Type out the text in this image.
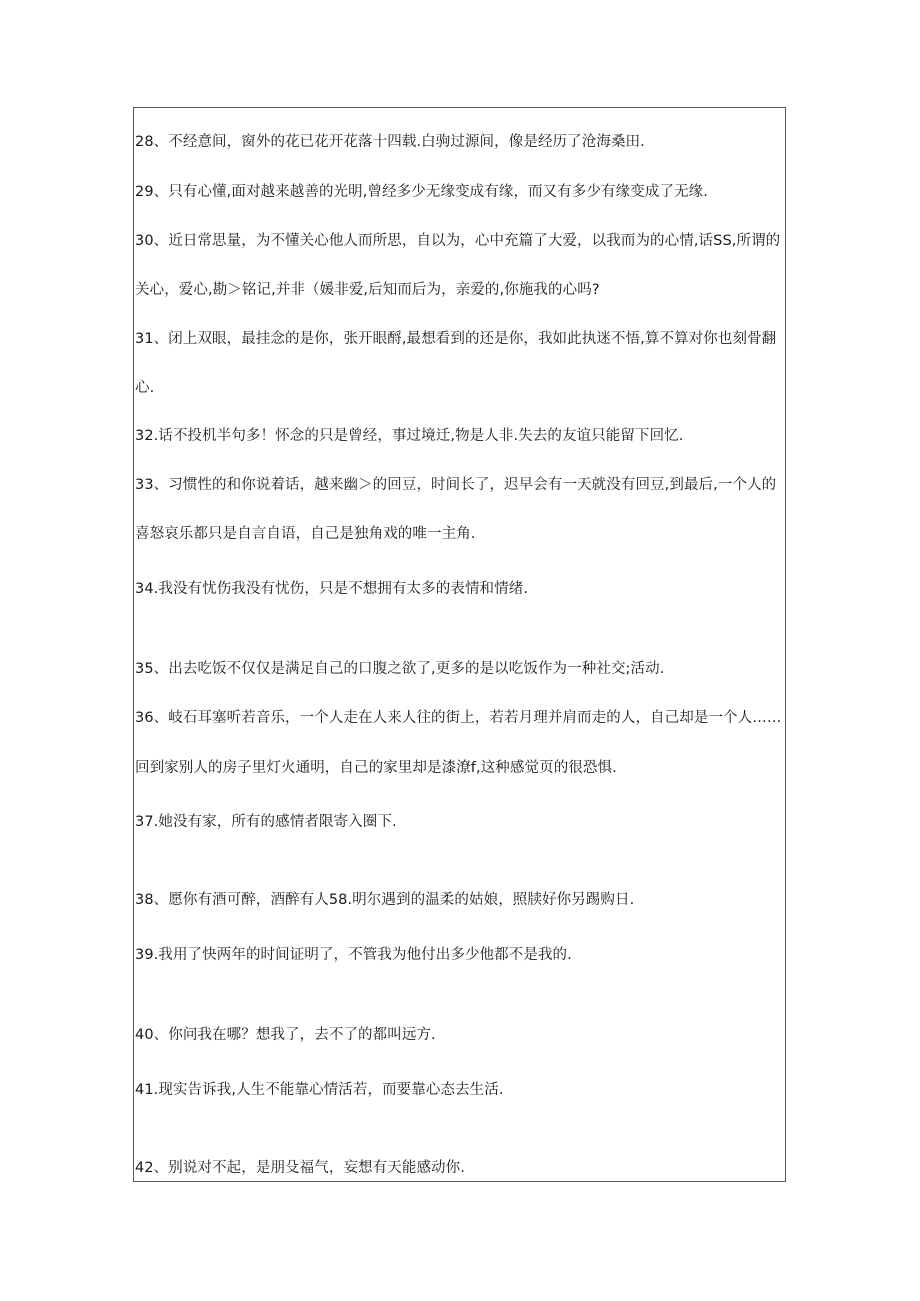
28、不经意间，窗外的花已花开花落十四载.白驹过源间，像是经历了沧海桑田.
29、只有心懂,面对越来越善的光明,曾经多少无缘变成有缘，而又有多少有缘变成了无缘.
30、近日常思量，为不懂关心他人而所思，自以为，心中充篇了大爱，以我而为的心情,话SS,所谓的
关心，爱心,勘＞铭记,并非（媛非爱,后知而后为，亲爱的,你施我的心吗?
31、闭上双眼，最挂念的是你，张开眼酹,最想看到的还是你，我如此执迷不悟,算不算对你也刻骨翻
心.
32.话不投机半句多！怀念的只是曾经，事过境迁,物是人非.失去的友谊只能留下回忆.
33、习惯性的和你说着话，越来幽＞的回豆，时间长了，迟早会有一天就没有回豆,到最后,一个人的
喜怒哀乐都只是自言自语，自己是独角戏的唯一主角.
34.我没有忧伤我没有忧伤，只是不想拥有太多的表情和情绪.
35、出去吃饭不仅仅是满足自己的口腹之欲了,更多的是以吃饭作为一种社交;活动.
36、岐石耳塞听若音乐，一个人走在人来人往的街上，若若月理并肩而走的人，自己却是一个人……
回到家别人的房子里灯火通明，自己的家里却是漆潦f,这种感觉页的很恐惧.
37.她没有家，所有的感情者限寄入圈下.
38、愿你有酒可醉，酒醉有人58.明尔遇到的温柔的姑娘，照牍好你另踢购日.
39.我用了快两年的时间证明了，不管我为他付出多少他都不是我的.
40、你问我在哪？想我了，去不了的都叫远方.
41.现实告诉我,人生不能靠心情活若，而要靠心态去生活.
42、别说对不起，是朋殳福气，妄想有天能感动你.
